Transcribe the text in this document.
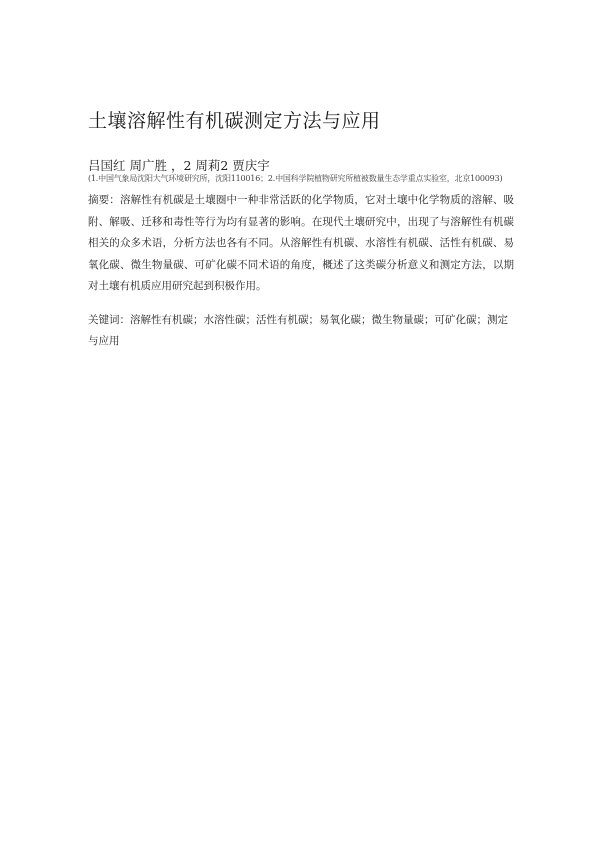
土壤溶解性有机碳测定方法与应用
吕国红 周广胜 ，2 周莉2 贾庆宇
(1.中国气象局沈阳大气环境研究所，沈阳110016；2.中国科学院植物研究所植被数量生态学重点实验室，北京100093)

摘要：溶解性有机碳是土壤圈中一种非常活跃的化学物质，它对土壤中化学物质的溶解、吸附、解吸、迁移和毒性等行为均有显著的影响。在现代土壤研究中，出现了与溶解性有机碳相关的众多术语，分析方法也各有不同。从溶解性有机碳、水溶性有机碳、活性有机碳、易氧化碳、微生物量碳、可矿化碳不同术语的角度，概述了这类碳分析意义和测定方法，以期对土壤有机质应用研究起到积极作用。

关键词：溶解性有机碳；水溶性碳；活性有机碳；易氧化碳；微生物量碳；可矿化碳；测定与应用
